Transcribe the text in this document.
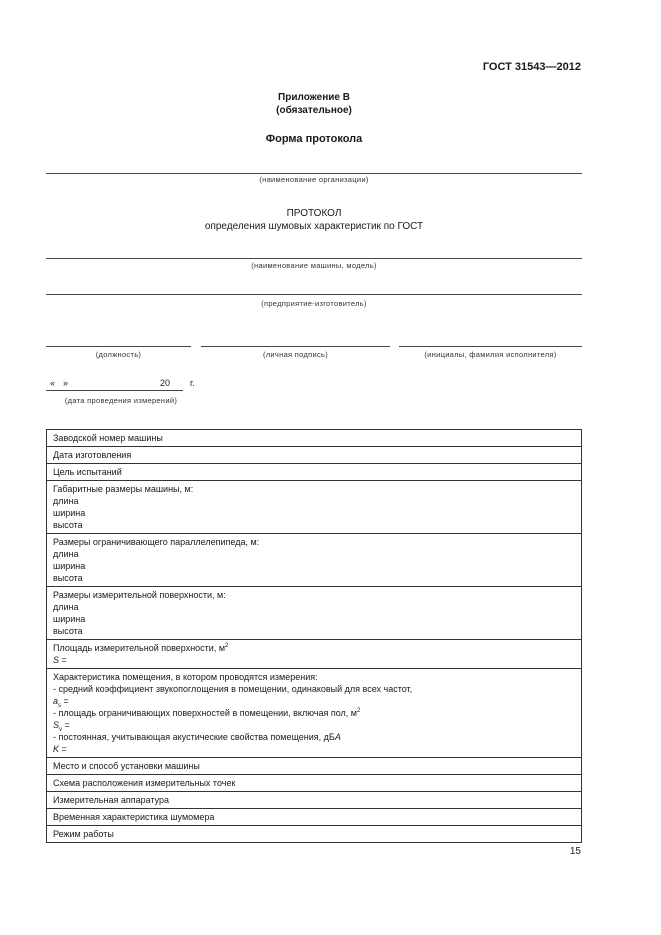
ГОСТ 31543—2012
Приложение В
(обязательное)
Форма протокола
(наименование организации)
ПРОТОКОЛ
определения шумовых характеристик по ГОСТ
(наименование машины, модель)
(предприятие-изготовитель)
(должность)	(личная подпись)	(инициалы, фамилия исполнителя)
« »	20 г.
(дата проведения измерений)
Заводской номер машины
Дата изготовления
Цель испытаний

Габаритные размеры машины, м:
длина
ширина
высота

Размеры ограничивающего параллелепипеда, м:
длина
ширина
высота

Размеры измерительной поверхности, м:
длина
ширина
высота

Площадь измерительной поверхности, $м^2$
S =

Характеристика помещения, в котором проводятся измерения:
- средний коэффициент звукопоглощения в помещении, одинаковый для всех частот,
$a_s$ =
- площадь ограничивающих поверхностей в помещении, включая пол, $м^2$
$S_v$ =
- постоянная, учитывающая акустические свойства помещения, дБА
K =

Место и способ установки машины
Схема расположения измерительных точек
Измерительная аппаратура
Временная характеристика шумомера
Режим работы
15
